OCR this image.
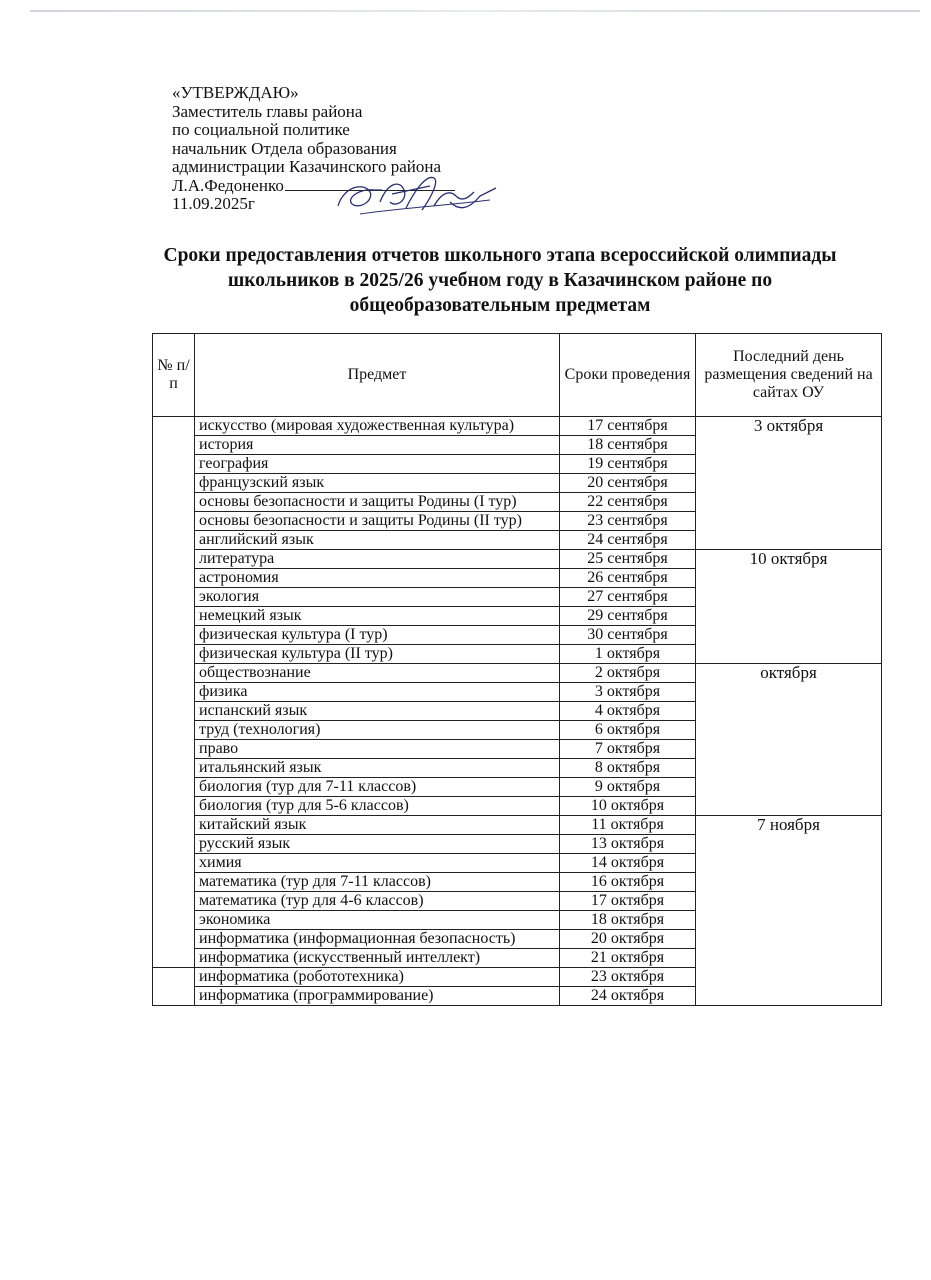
«УТВЕРЖДАЮ»
Заместитель главы района
по социальной политике
начальник Отдела образования
администрации Казачинского района
Л.А.Федоненко
11.09.2025г
Сроки предоставления отчетов школьного этапа всероссийской олимпиады школьников в 2025/26 учебном году в Казачинском районе по общеобразовательным предметам
№ п/п	Предмет	Сроки проведения	Последний день размещения сведений на сайтах ОУ
	искусство (мировая художественная культура)	17 сентября	3 октября
	история	18 сентября	
	география	19 сентября	
	французский язык	20 сентября	
	основы безопасности и защиты Родины (I тур)	22 сентября	
	основы безопасности и защиты Родины (II тур)	23 сентября	
	английский язык	24 сентября	
	литература	25 сентября	10 октября
	астрономия	26 сентября	
	экология	27 сентября	
	немецкий язык	29 сентября	
	физическая культура (I тур)	30 сентября	
	физическая культура (II тур)	1 октября	
	обществознание	2 октября	октября
	физика	3 октября	
	испанский язык	4 октября	
	труд (технология)	6 октября	
	право	7 октября	
	итальянский язык	8 октября	
	биология (тур для 7-11 классов)	9 октября	
	биология (тур для 5-6 классов)	10 октября	
	китайский язык	11 октября	7 ноября
	русский язык	13 октября	
	химия	14 октября	
	математика (тур для 7-11 классов)	16 октября	
	математика (тур для 4-6 классов)	17 октября	
	экономика	18 октября	
	информатика (информационная безопасность)	20 октября	
	информатика (искусственный интеллект)	21 октября	
	информатика (робототехника)	23 октября	
	информатика (программирование)	24 октября	
